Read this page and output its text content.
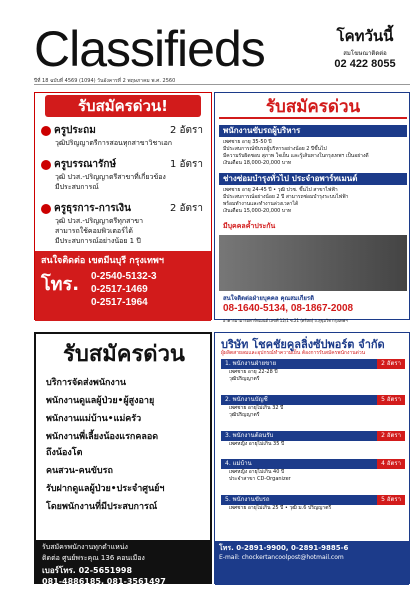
Classifieds	โคทวันนี้
สมโฆษณาติดต่อ
02 422 8055
ปีที่ 18 ฉบับที่ 4569 (1094) วันอังคารที่ 2 พฤษภาคม พ.ศ. 2560
รับสมัครด่วน!
ครูประถม	2 อัตรา
วุฒิปริญญาตรีการสอนทุกสาขาวิชาเอก
ครูบรรณารักษ์	1 อัตรา
วุฒิ ปวส.-ปริญญาตรีสาขาที่เกี่ยวข้อง
มีประสบการณ์
ครูธุรการ-การเงิน	2 อัตรา
วุฒิ ปวส.-ปริญญาตรีทุกสาขา
สามารถใช้คอมพิวเตอร์ได้
มีประสบการณ์อย่างน้อย 1 ปี
สนใจติดต่อ เขตมีนบุรี กรุงเทพฯ
โทร. 0-2540-5132-3
0-2517-1469
0-2517-1964
รับสมัครด่วน
พนักงานขับรถผู้บริหาร
เพศชาย อายุ 35-50 ปี
มีประสบการณ์ขับรถผู้บริหารอย่างน้อย 2 ปีขึ้นไป
มีความรับผิดชอบ สุภาพ ใจเย็น และรู้เส้นทางในกรุงเทพฯ เป็นอย่างดี
เงินเดือน 18,000-20,000 บาท
ช่างซ่อมบำรุงทั่วไป ประจำอพาร์ทเมนต์
เพศชาย อายุ 24-45 ปี • วุฒิ ปวช. ขึ้นไป สาขาไฟฟ้า
มีประสบการณ์อย่างน้อย 2 ปี สามารถซ่อมบำรุงระบบไฟฟ้า
พร้อมทำงานและทำงานล่วงเวลาได้
เงินเดือน 15,000-20,000 บาท
มีบุคคลค้ำประกัน
สนใจติดต่อฝ่ายบุคคล คุณสมเกียรติ
08-1640-5134, 08-1867-2008
อาคารมามารอพาร์ทเมนต์ เลขที่ 12/1 ซ.21 (ศรีสด) ถ.สุขุมวิท กรุงเทพฯ
รับสมัครด่วน
บริการจัดส่งพนักงาน
พนักงานดูแลผู้ป่วย•ผู้สูงอายุ
พนักงานแม่บ้าน•แม่ครัว
พนักงานพี่เลี้ยงน้องแรกคลอด
ถึงน้องโต
คนสวน-คนขับรถ
รับฝากดูแลผู้ป่วย•ประจำศูนย์ฯ
โดยพนักงานที่มีประสบการณ์
รับสมัครพนักงานทุกตำแหน่ง
ติดต่อ ศูนย์พระคุณ 136 คอนเมือง
เบอร์โทร. 02-5651998
081-4886185, 081-3561497
บริษัท โชคชัยคูลลิ่งซัปพอร์ต จำกัด
ผู้ผลิตสายลมและอุปกรณ์ทำความเย็น ต้องการรับสมัครพนักงานด่วน
1. พนักงานฝ่ายขาย	2 อัตรา
เพศชาย อายุ 22-28 ปี
วุฒิปริญญาตรี
2. พนักงานบัญชี	5 อัตรา
เพศชาย อายุไม่เกิน 32 ปี
วุฒิปริญญาตรี
3. พนักงานต้อนรับ	2 อัตรา
เพศหญิง อายุไม่เกิน 35 ปี
4. แม่บ้าน	4 อัตรา
เพศหญิง อายุไม่เกิน 40 ปี
ประจำสาขา CD-Organizer
5. พนักงานขับรถ	5 อัตรา
เพศชาย อายุไม่เกิน 25 ปี • วุฒิ ม.6 ปริญญาตรี
โทร. 0-2891-9900, 0-2891-9885-6
E-mail: chockertancoolpost@hotmail.com
